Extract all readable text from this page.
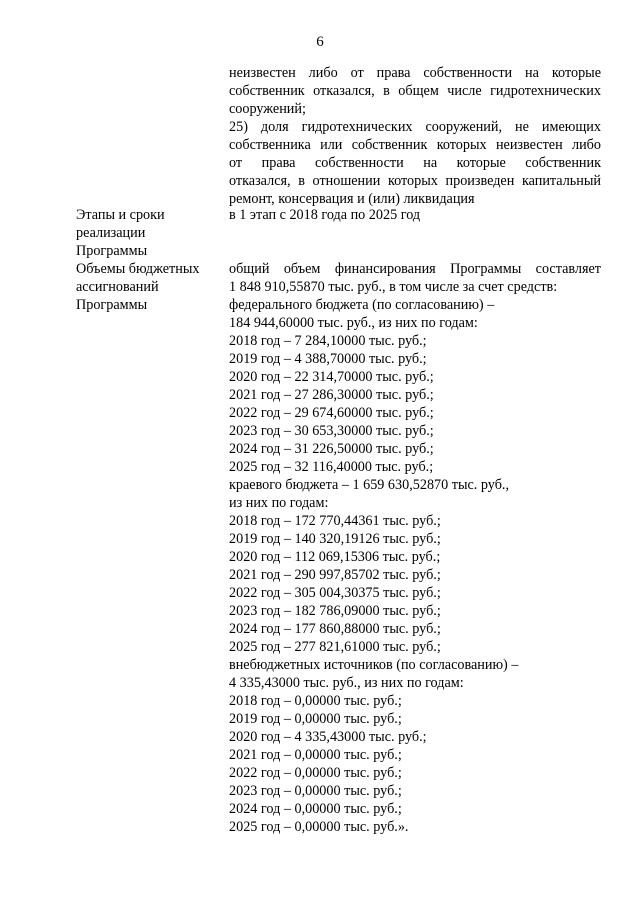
6
неизвестен либо от права собственности на которые
собственник отказался, в общем числе гидротехнических
сооружений;
25) доля гидротехнических сооружений, не имеющих
собственника или собственник которых неизвестен либо
от права собственности на которые собственник
отказался, в отношении которых произведен капитальный
ремонт, консервация и (или) ликвидация
Этапы и сроки
реализации
Программы
в 1 этап с 2018 года по 2025 год
Объемы бюджетных
ассигнований
Программы
общий объем финансирования Программы составляет
1 848 910,55870 тыс. руб., в том числе за счет средств:
федерального бюджета (по согласованию) –
184 944,60000 тыс. руб., из них по годам:
2018 год – 7 284,10000 тыс. руб.;
2019 год – 4 388,70000 тыс. руб.;
2020 год – 22 314,70000 тыс. руб.;
2021 год – 27 286,30000 тыс. руб.;
2022 год – 29 674,60000 тыс. руб.;
2023 год – 30 653,30000 тыс. руб.;
2024 год – 31 226,50000 тыс. руб.;
2025 год – 32 116,40000 тыс. руб.;
краевого бюджета – 1 659 630,52870 тыс. руб.,
из них по годам:
2018 год – 172 770,44361 тыс. руб.;
2019 год – 140 320,19126 тыс. руб.;
2020 год – 112 069,15306 тыс. руб.;
2021 год – 290 997,85702 тыс. руб.;
2022 год – 305 004,30375 тыс. руб.;
2023 год – 182 786,09000 тыс. руб.;
2024 год – 177 860,88000 тыс. руб.;
2025 год – 277 821,61000 тыс. руб.;
внебюджетных источников (по согласованию) –
4 335,43000 тыс. руб., из них по годам:
2018 год – 0,00000 тыс. руб.;
2019 год – 0,00000 тыс. руб.;
2020 год – 4 335,43000 тыс. руб.;
2021 год – 0,00000 тыс. руб.;
2022 год – 0,00000 тыс. руб.;
2023 год – 0,00000 тыс. руб.;
2024 год – 0,00000 тыс. руб.;
2025 год – 0,00000 тыс. руб.».
